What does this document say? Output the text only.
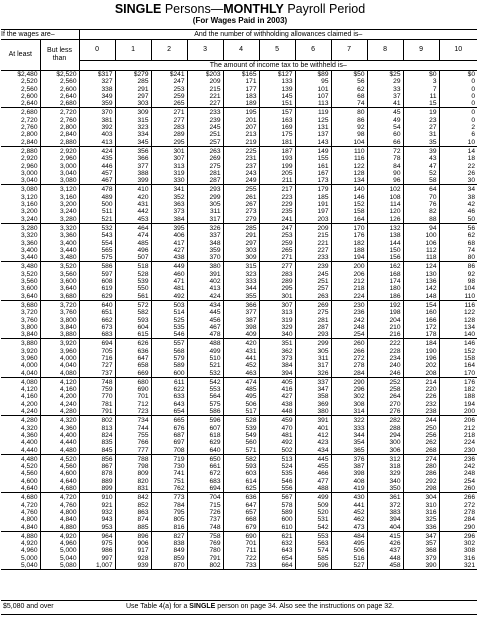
SINGLE Persons—MONTHLY Payroll Period
(For Wages Paid in 2003)
If the wages are–		And the number of withholding allowances claimed is–										
At least	But less than	0	1	2	3	4	5	6	7	8	9	10
		The amount of income tax to be withheld is–										
$2,480	$2,520	$317	$279	$241	$203	$165	$127	$89	$50	$25	$0	$0
2,520	2,560	327	285	247	209	171	133	95	56	29	3	0
2,560	2,600	338	291	253	215	177	139	101	62	33	7	0
2,600	2,640	349	297	259	221	183	145	107	68	37	11	0
2,640	2,680	359	303	265	227	189	151	113	74	41	15	0
2,680	2,720	370	309	271	233	195	157	119	80	45	19	0
2,720	2,760	381	315	277	239	201	163	125	86	49	23	0
2,760	2,800	392	323	283	245	207	169	131	92	54	27	2
2,800	2,840	403	334	289	251	213	175	137	98	60	31	6
2,840	2,880	413	345	295	257	219	181	143	104	66	35	10
2,880	2,920	424	356	301	263	225	187	149	110	72	39	14
2,920	2,960	435	366	307	269	231	193	155	116	78	43	18
2,960	3,000	446	377	313	275	237	199	161	122	84	47	22
3,000	3,040	457	388	319	281	243	205	167	128	90	52	26
3,040	3,080	467	399	330	287	249	211	173	134	96	58	30
3,080	3,120	478	410	341	293	255	217	179	140	102	64	34
3,120	3,160	489	420	352	299	261	223	185	146	108	70	38
3,160	3,200	500	431	363	305	267	229	191	152	114	76	42
3,200	3,240	511	442	373	311	273	235	197	158	120	82	46
3,240	3,280	521	453	384	317	279	241	203	164	126	88	50
3,280	3,320	532	464	395	326	285	247	209	170	132	94	56
3,320	3,360	543	474	406	337	291	253	215	176	138	100	62
3,360	3,400	554	485	417	348	297	259	221	182	144	106	68
3,400	3,440	565	496	427	359	303	265	227	188	150	112	74
3,440	3,480	575	507	438	370	309	271	233	194	156	118	80
3,480	3,520	586	518	449	380	315	277	239	200	162	124	86
3,520	3,560	597	528	460	391	323	283	245	206	168	130	92
3,560	3,600	608	539	471	402	333	289	251	212	174	136	98
3,600	3,640	619	550	481	413	344	295	257	218	180	142	104
3,640	3,680	629	561	492	424	355	301	263	224	186	148	110
3,680	3,720	640	572	503	434	366	307	269	230	192	154	116
3,720	3,760	651	582	514	445	377	313	275	236	198	160	122
3,760	3,800	662	593	525	456	387	319	281	242	204	166	128
3,800	3,840	673	604	535	467	398	329	287	248	210	172	134
3,840	3,880	683	615	546	478	409	340	293	254	216	178	140
3,880	3,920	694	626	557	488	420	351	299	260	222	184	146
3,920	3,960	705	636	568	499	431	362	305	266	228	190	152
3,960	4,000	716	647	579	510	441	373	311	272	234	196	158
4,000	4,040	727	658	589	521	452	384	317	278	240	202	164
4,040	4,080	737	669	600	532	463	394	326	284	246	208	170
4,080	4,120	748	680	611	542	474	405	337	290	252	214	176
4,120	4,160	759	690	622	553	485	416	347	296	258	220	182
4,160	4,200	770	701	633	564	495	427	358	302	264	226	188
4,200	4,240	781	712	643	575	506	438	369	308	270	232	194
4,240	4,280	791	723	654	586	517	448	380	314	276	238	200
4,280	4,320	802	734	665	596	528	459	391	322	282	244	206
4,320	4,360	813	744	676	607	539	470	401	333	288	250	212
4,360	4,400	824	755	687	618	549	481	412	344	294	256	218
4,400	4,440	835	766	697	629	560	492	423	354	300	262	224
4,440	4,480	845	777	708	640	571	502	434	365	306	268	230
4,480	4,520	856	788	719	650	582	513	445	376	312	274	236
4,520	4,560	867	798	730	661	593	524	455	387	318	280	242
4,560	4,600	878	809	741	672	603	535	466	398	329	286	248
4,600	4,640	889	820	751	683	614	546	477	408	340	292	254
4,640	4,680	899	831	762	694	625	556	488	419	350	298	260
4,680	4,720	910	842	773	704	636	567	499	430	361	304	266
4,720	4,760	921	852	784	715	647	578	509	441	372	310	272
4,760	4,800	932	863	795	726	657	589	520	452	383	316	278
4,800	4,840	943	874	805	737	668	600	531	462	394	325	284
4,840	4,880	953	885	816	748	679	610	542	473	404	336	290
4,880	4,920	964	896	827	758	690	621	553	484	415	347	296
4,920	4,960	975	906	838	769	701	632	563	495	426	357	302
4,960	5,000	986	917	849	780	711	643	574	506	437	368	308
5,000	5,040	997	928	859	791	722	654	585	516	448	379	316
5,040	5,080	1,007	939	870	802	733	664	596	527	458	390	321
$5,080 and over	Use Table 4(a) for a SINGLE person on page 34. Also see the instructions on page 32.
